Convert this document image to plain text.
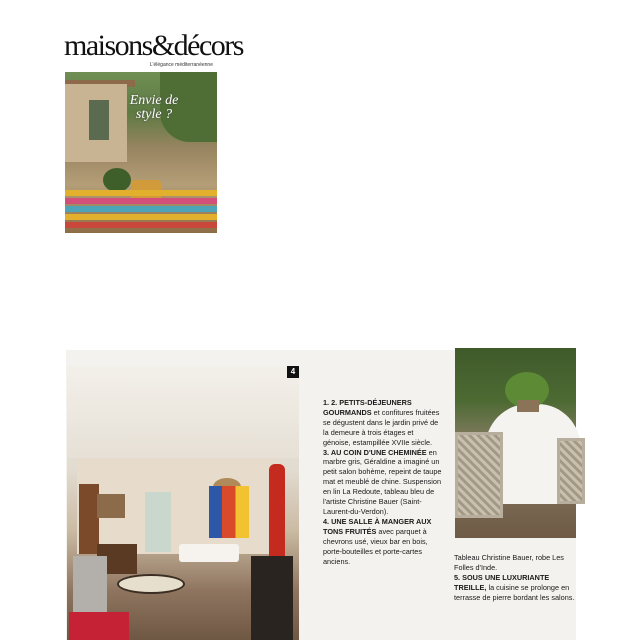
maisons&décors
L'élégance méditerranéenne
Envie de style ?
4
1. 2. PETITS-DÉJEUNERS GOURMANDS et confitures fruitées se dégustent dans le jardin privé de la demeure à trois étages et génoise, estampillée XVIIe siècle.
3. AU COIN D'UNE CHEMINÉE en marbre gris, Géraldine a imaginé un petit salon bohème, repeint de taupe mat et meublé de chine. Suspension en lin La Redoute, tableau bleu de l'artiste Christine Bauer (Saint-Laurent-du-Verdon).
4. UNE SALLE À MANGER AUX TONS FRUITÉS avec parquet à chevrons usé, vieux bar en bois, porte-bouteilles et porte-cartes anciens.	Tableau Christine Bauer, robe Les Folles d'Inde.
5. SOUS UNE LUXURIANTE TREILLE, la cuisine se prolonge en terrasse de pierre bordant les salons.
